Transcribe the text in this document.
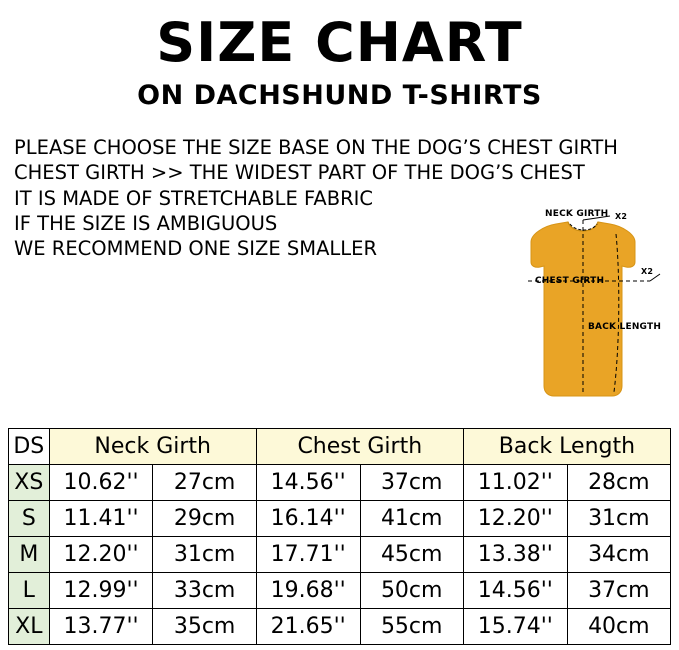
SIZE CHART
ON DACHSHUND T-SHIRTS
PLEASE CHOOSE THE SIZE BASE ON THE DOG’S CHEST GIRTH
CHEST GIRTH >> THE WIDEST PART OF THE DOG’S CHEST
IT IS MADE OF STRETCHABLE FABRIC
IF THE SIZE IS AMBIGUOUS
WE RECOMMEND ONE SIZE SMALLER
NECK GIRTH X2
CHEST GIRTH
X2
BACK LENGTH
DS	Neck Girth		Chest Girth		Back Length	
XS	10.62''	27cm	14.56''	37cm	11.02''	28cm
S	11.41''	29cm	16.14''	41cm	12.20''	31cm
M	12.20''	31cm	17.71''	45cm	13.38''	34cm
L	12.99''	33cm	19.68''	50cm	14.56''	37cm
XL	13.77''	35cm	21.65''	55cm	15.74''	40cm
